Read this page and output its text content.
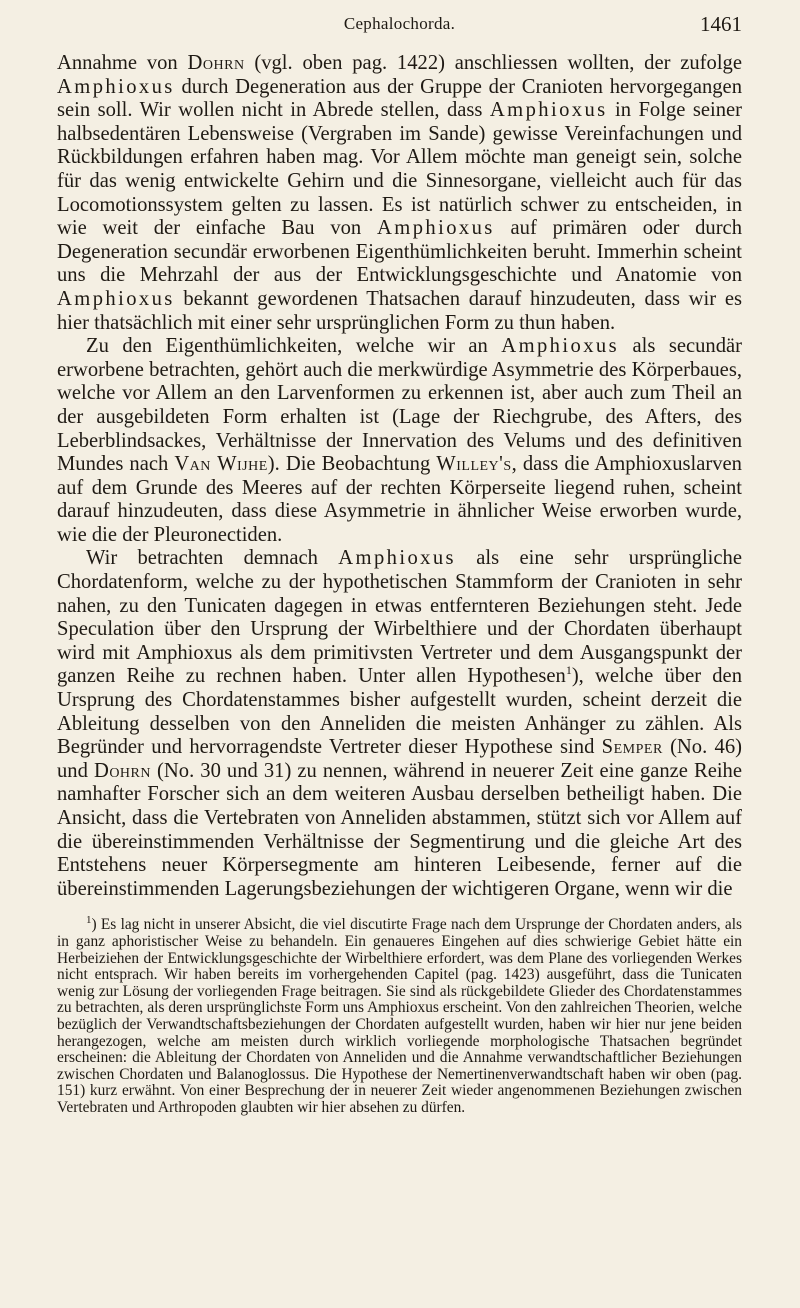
Cephalochorda.	1461

Annahme von Dohrn (vgl. oben pag. 1422) anschliessen wollten, der zufolge Amphioxus durch Degeneration aus der Gruppe der Cranioten hervorgegangen sein soll. Wir wollen nicht in Abrede stellen, dass Amphioxus in Folge seiner halbsedentären Lebensweise (Vergraben im Sande) gewisse Vereinfachungen und Rückbildungen erfahren haben mag. Vor Allem möchte man geneigt sein, solche für das wenig entwickelte Gehirn und die Sinnesorgane, vielleicht auch für das Locomotionssystem gelten zu lassen. Es ist natürlich schwer zu entscheiden, in wie weit der einfache Bau von Amphioxus auf primären oder durch Degeneration secundär erworbenen Eigenthümlichkeiten beruht. Immerhin scheint uns die Mehrzahl der aus der Entwicklungsgeschichte und Anatomie von Amphioxus bekannt gewordenen Thatsachen darauf hinzudeuten, dass wir es hier thatsächlich mit einer sehr ursprünglichen Form zu thun haben.

Zu den Eigenthümlichkeiten, welche wir an Amphioxus als secundär erworbene betrachten, gehört auch die merkwürdige Asymmetrie des Körperbaues, welche vor Allem an den Larvenformen zu erkennen ist, aber auch zum Theil an der ausgebildeten Form erhalten ist (Lage der Riechgrube, des Afters, des Leberblindsackes, Verhältnisse der Innervation des Velums und des definitiven Mundes nach Van Wijhe). Die Beobachtung Willey's, dass die Amphioxuslarven auf dem Grunde des Meeres auf der rechten Körperseite liegend ruhen, scheint darauf hinzudeuten, dass diese Asymmetrie in ähnlicher Weise erworben wurde, wie die der Pleuronectiden.

Wir betrachten demnach Amphioxus als eine sehr ursprüngliche Chordatenform, welche zu der hypothetischen Stammform der Cranioten in sehr nahen, zu den Tunicaten dagegen in etwas entfernteren Beziehungen steht. Jede Speculation über den Ursprung der Wirbelthiere und der Chordaten überhaupt wird mit Amphioxus als dem primitivsten Vertreter und dem Ausgangspunkt der ganzen Reihe zu rechnen haben. Unter allen Hypothesen$^1$), welche über den Ursprung des Chordatenstammes bisher aufgestellt wurden, scheint derzeit die Ableitung desselben von den Anneliden die meisten Anhänger zu zählen. Als Begründer und hervorragendste Vertreter dieser Hypothese sind Semper (No. 46) und Dohrn (No. 30 und 31) zu nennen, während in neuerer Zeit eine ganze Reihe namhafter Forscher sich an dem weiteren Ausbau derselben betheiligt haben. Die Ansicht, dass die Vertebraten von Anneliden abstammen, stützt sich vor Allem auf die übereinstimmenden Verhältnisse der Segmentirung und die gleiche Art des Entstehens neuer Körpersegmente am hinteren Leibesende, ferner auf die übereinstimmenden Lagerungsbeziehungen der wichtigeren Organe, wenn wir die

$^1$) Es lag nicht in unserer Absicht, die viel discutirte Frage nach dem Ursprunge der Chordaten anders, als in ganz aphoristischer Weise zu behandeln. Ein genaueres Eingehen auf dies schwierige Gebiet hätte ein Herbeiziehen der Entwicklungsgeschichte der Wirbelthiere erfordert, was dem Plane des vorliegenden Werkes nicht entsprach. Wir haben bereits im vorhergehenden Capitel (pag. 1423) ausgeführt, dass die Tunicaten wenig zur Lösung der vorliegenden Frage beitragen. Sie sind als rückgebildete Glieder des Chordatenstammes zu betrachten, als deren ursprünglichste Form uns Amphioxus erscheint. Von den zahlreichen Theorien, welche bezüglich der Verwandtschaftsbeziehungen der Chordaten aufgestellt wurden, haben wir hier nur jene beiden herangezogen, welche am meisten durch wirklich vorliegende morphologische Thatsachen begründet erscheinen: die Ableitung der Chordaten von Anneliden und die Annahme verwandtschaftlicher Beziehungen zwischen Chordaten und Balanoglossus. Die Hypothese der Nemertinenverwandtschaft haben wir oben (pag. 151) kurz erwähnt. Von einer Besprechung der in neuerer Zeit wieder angenommenen Beziehungen zwischen Vertebraten und Arthropoden glaubten wir hier absehen zu dürfen.
